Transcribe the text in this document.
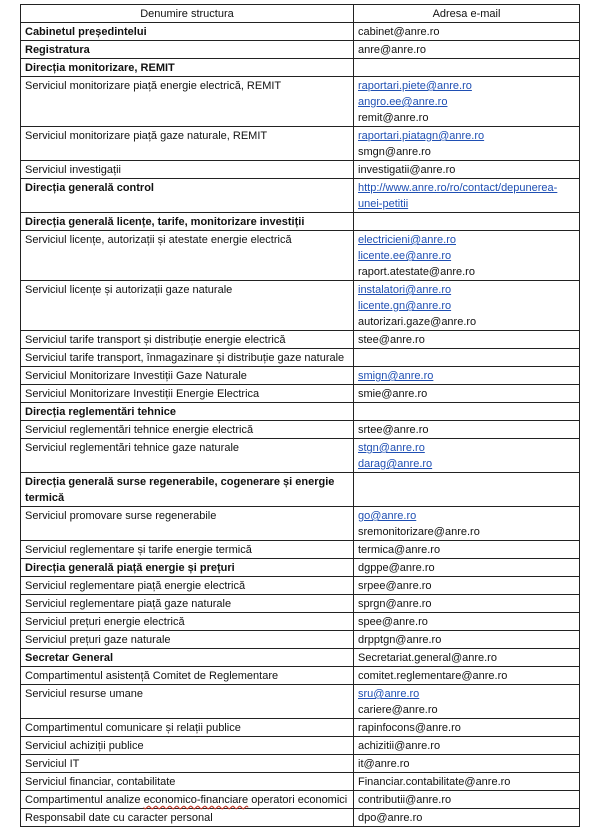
Denumire structura	Adresa e-mail
Cabinetul președintelui	cabinet@anre.ro

Registratura	anre@anre.ro

Direcția monitorizare, REMIT	
Serviciul monitorizare piață energie electrică, REMIT	raportari.piete@anre.ro
angro.ee@anre.ro
remit@anre.ro

Serviciul monitorizare piață gaze naturale, REMIT	raportari.piatagn@anre.ro
smgn@anre.ro

Serviciul investigații	investigatii@anre.ro

Direcția generală control	http://www.anre.ro/ro/contact/depunerea-
unei-petitii

Direcția generală licențe, tarife, monitorizare investiții	
Serviciul licențe, autorizații și atestate energie electrică	electricieni@anre.ro
licente.ee@anre.ro
raport.atestate@anre.ro

Serviciul licențe și autorizații gaze naturale	instalatori@anre.ro
licente.gn@anre.ro
autorizari.gaze@anre.ro

Serviciul tarife transport și distribuție energie electrică	stee@anre.ro

Serviciul tarife transport, înmagazinare și distribuție gaze naturale	
Serviciul Monitorizare Investiții Gaze Naturale	smign@anre.ro

Serviciul Monitorizare Investiții Energie Electrica	smie@anre.ro

Direcția reglementări tehnice	
Serviciul reglementări tehnice energie electrică	srtee@anre.ro

Serviciul reglementări tehnice gaze naturale	stgn@anre.ro
darag@anre.ro

Direcția generală surse regenerabile, cogenerare și energie termică	
Serviciul promovare surse regenerabile	go@anre.ro
sremonitorizare@anre.ro

Serviciul reglementare și tarife energie termică	termica@anre.ro

Direcția generală piață energie și prețuri	dgppe@anre.ro

Serviciul reglementare piață energie electrică	srpee@anre.ro

Serviciul reglementare piață gaze naturale	sprgn@anre.ro

Serviciul prețuri energie electrică	spee@anre.ro

Serviciul prețuri gaze naturale	drpptgn@anre.ro

Secretar General	Secretariat.general@anre.ro

Compartimentul asistență Comitet de Reglementare	comitet.reglementare@anre.ro

Serviciul resurse umane	sru@anre.ro
cariere@anre.ro

Compartimentul comunicare și relații publice	rapinfocons@anre.ro

Serviciul achiziții publice	achizitii@anre.ro

Serviciul IT	it@anre.ro

Serviciul financiar, contabilitate	Financiar.contabilitate@anre.ro

Compartimentul analize economico-financiare operatori economici	contributii@anre.ro

Responsabil date cu caracter personal	dpo@anre.ro
